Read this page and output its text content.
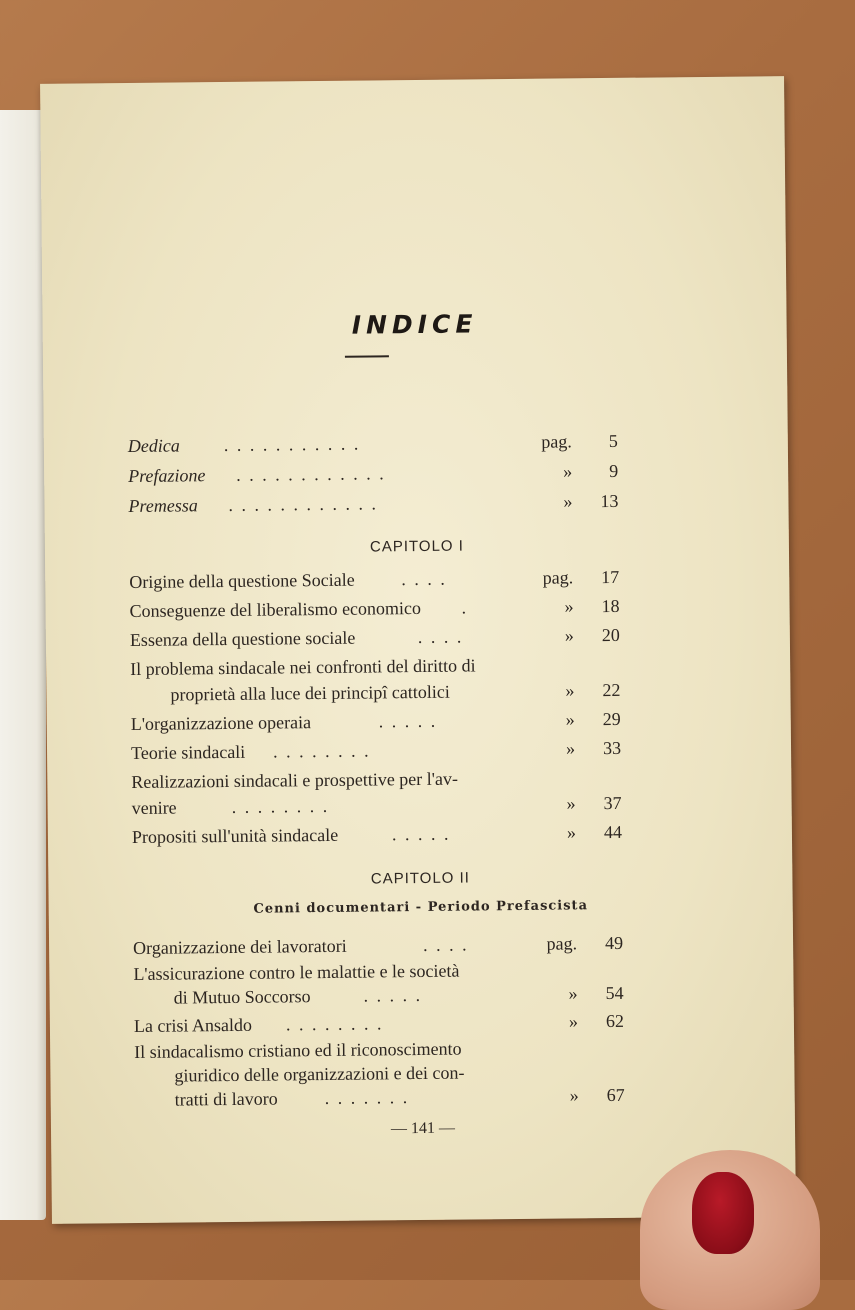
INDICE
Dedica . . . . . . . . . . .	pag.	5
Prefazione . . . . . . . . . . . .	»	9
Premessa . . . . . . . . . . . .	»	13
CAPITOLO I
Origine della questione Sociale	. . . .	pag.	17
Conseguenze del liberalismo economico .	»	18
Essenza della questione sociale	. . . .	»	20
Il problema sindacale nei confronti del diritto di
proprietà alla luce dei principî cattolici	»	22
L'organizzazione operaia	. . . . .	»	29
Teorie sindacali . . . . . . . .	»	33
Realizzazioni sindacali e prospettive per l'av-
venire	. . . . . . . .	»	37
Propositi sull'unità sindacale	. . . . .	»	44
CAPITOLO II
Cenni documentari - Periodo Prefascista
Organizzazione dei lavoratori	. . . .	pag.	49
L'assicurazione contro le malattie e le società
di Mutuo Soccorso	. . . . .	»	54
La crisi Ansaldo . . . . . . . .	»	62
Il sindacalismo cristiano ed il riconoscimento
giuridico delle organizzazioni e dei con-
tratti di lavoro	. . . . . . .	»	67
— 141 —
